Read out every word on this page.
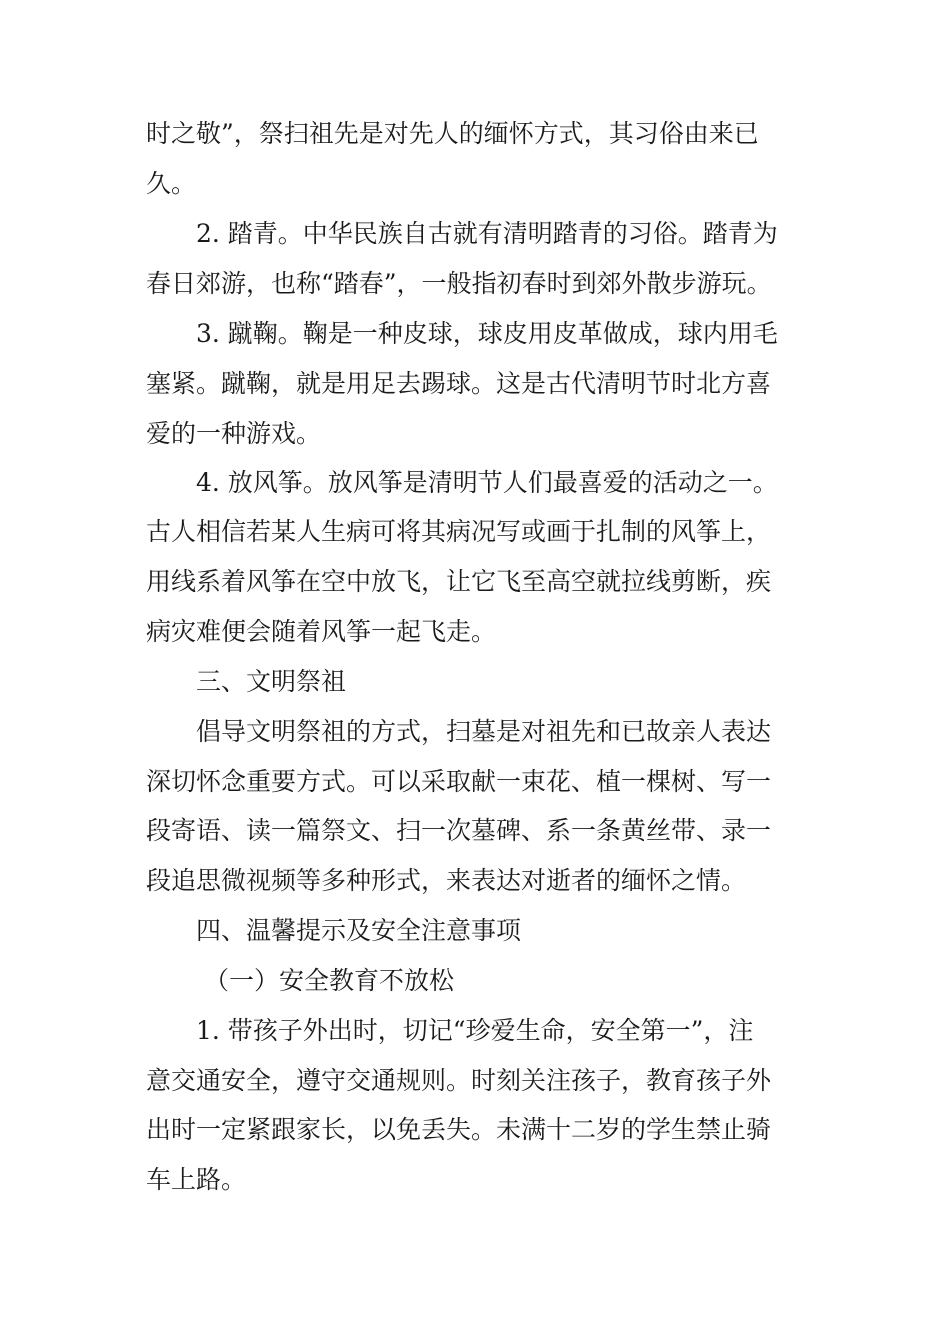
时之敬”，祭扫祖先是对先人的缅怀方式，其习俗由来已
久。
2. 踏青。中华民族自古就有清明踏青的习俗。踏青为
春日郊游，也称“踏春”，一般指初春时到郊外散步游玩。
3. 蹴鞠。鞠是一种皮球，球皮用皮革做成，球内用毛
塞紧。蹴鞠，就是用足去踢球。这是古代清明节时北方喜
爱的一种游戏。
4. 放风筝。放风筝是清明节人们最喜爱的活动之一。
古人相信若某人生病可将其病况写或画于扎制的风筝上，
用线系着风筝在空中放飞，让它飞至高空就拉线剪断，疾
病灾难便会随着风筝一起飞走。
三、文明祭祖
倡导文明祭祖的方式，扫墓是对祖先和已故亲人表达
深切怀念重要方式。可以采取献一束花、植一棵树、写一
段寄语、读一篇祭文、扫一次墓碑、系一条黄丝带、录一
段追思微视频等多种形式，来表达对逝者的缅怀之情。
四、温馨提示及安全注意事项
（一）安全教育不放松
1. 带孩子外出时，切记“珍爱生命，安全第一”，注
意交通安全，遵守交通规则。时刻关注孩子，教育孩子外
出时一定紧跟家长，以免丢失。未满十二岁的学生禁止骑
车上路。
